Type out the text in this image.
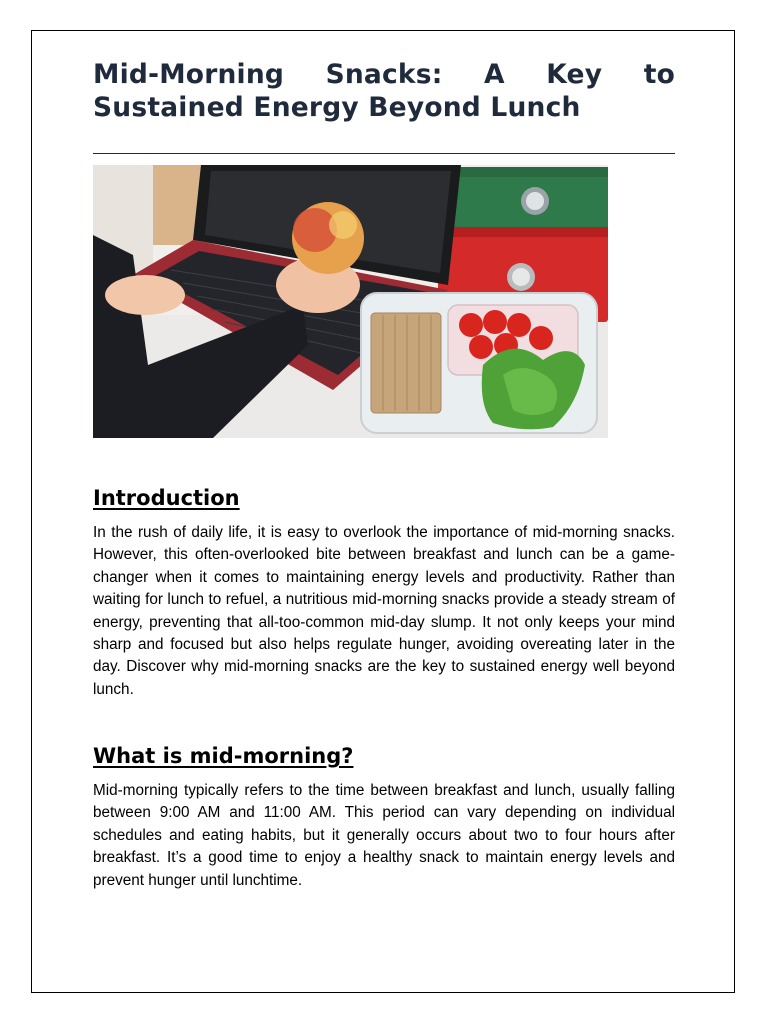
Mid-Morning Snacks: A Key to Sustained Energy Beyond Lunch
Introduction

In the rush of daily life, it is easy to overlook the importance of mid-morning snacks. However, this often-overlooked bite between breakfast and lunch can be a game-changer when it comes to maintaining energy levels and productivity. Rather than waiting for lunch to refuel, a nutritious mid-morning snacks provide a steady stream of energy, preventing that all-too-common mid-day slump. It not only keeps your mind sharp and focused but also helps regulate hunger, avoiding overeating later in the day. Discover why mid-morning snacks are the key to sustained energy well beyond lunch.

What is mid-morning?

Mid-morning typically refers to the time between breakfast and lunch, usually falling between 9:00 AM and 11:00 AM. This period can vary depending on individual schedules and eating habits, but it generally occurs about two to four hours after breakfast. It’s a good time to enjoy a healthy snack to maintain energy levels and prevent hunger until lunchtime.
